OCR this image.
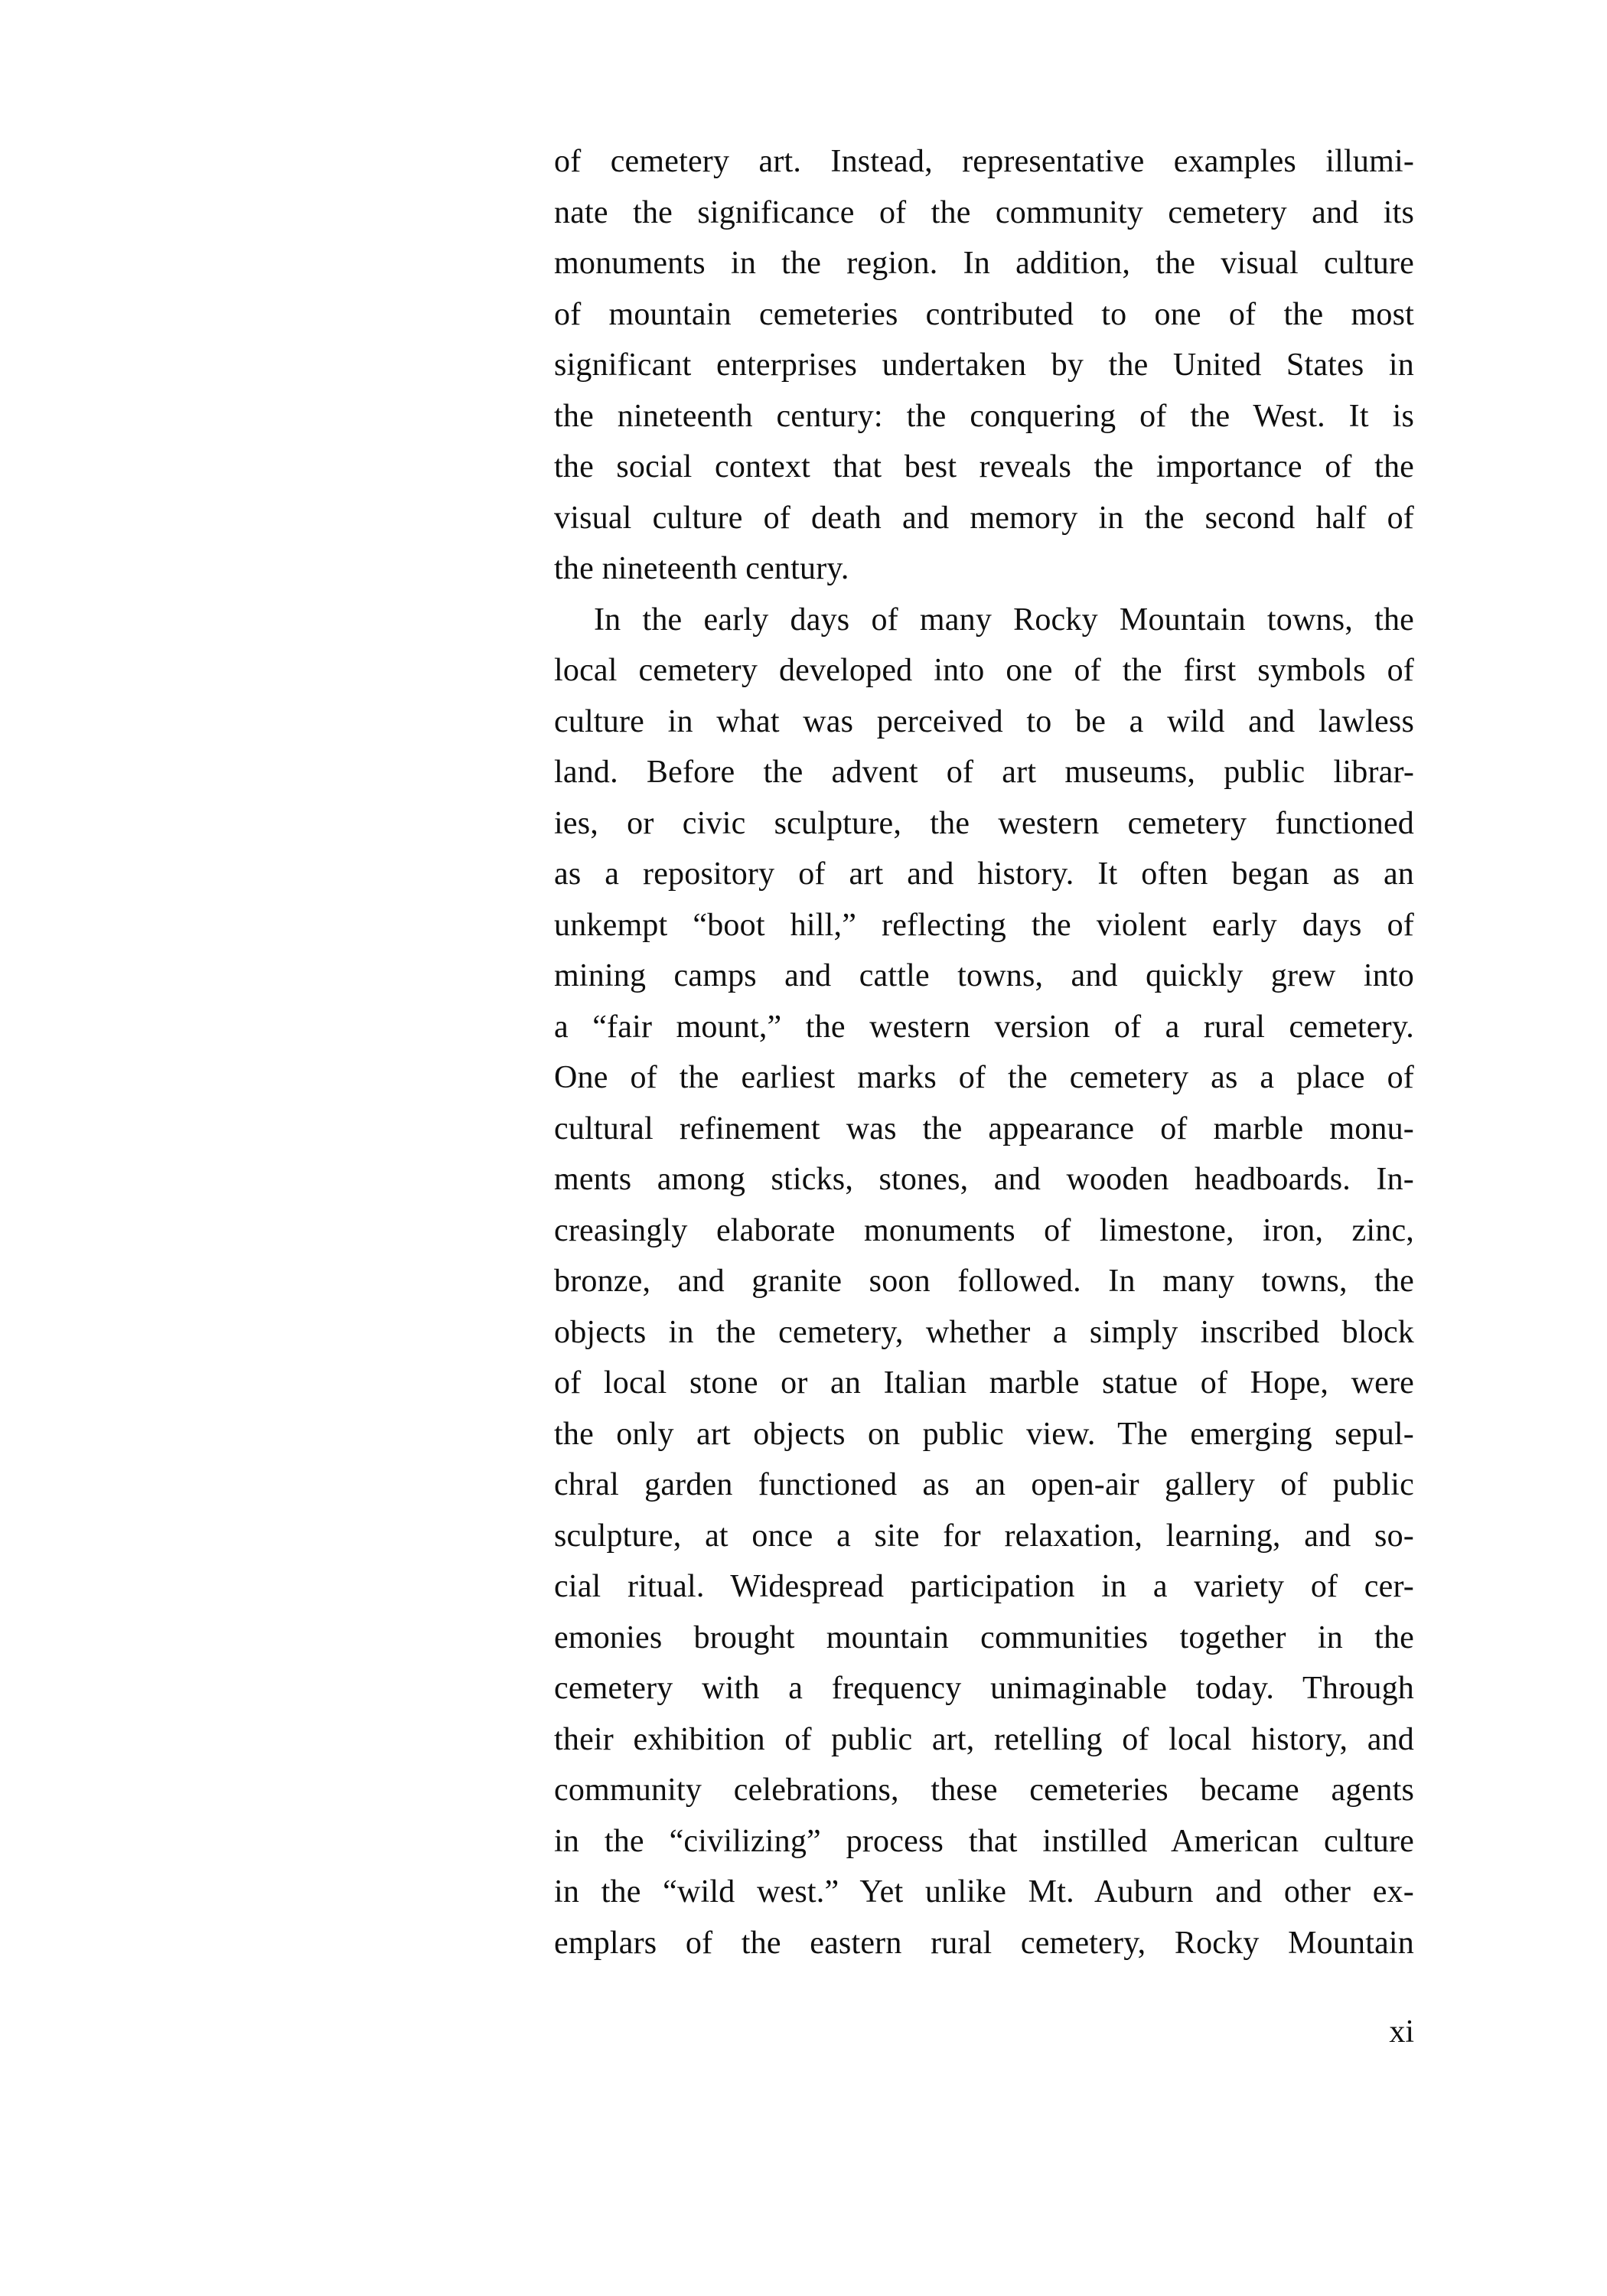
of cemetery art. Instead, representative examples illumi-
nate the significance of the community cemetery and its
monuments in the region. In addition, the visual culture
of mountain cemeteries contributed to one of the most
significant enterprises undertaken by the United States in
the nineteenth century: the conquering of the West. It is
the social context that best reveals the importance of the
visual culture of death and memory in the second half of
the nineteenth century.
In the early days of many Rocky Mountain towns, the
local cemetery developed into one of the first symbols of
culture in what was perceived to be a wild and lawless
land. Before the advent of art museums, public librar-
ies, or civic sculpture, the western cemetery functioned
as a repository of art and history. It often began as an
unkempt “boot hill,” reflecting the violent early days of
mining camps and cattle towns, and quickly grew into
a “fair mount,” the western version of a rural cemetery.
One of the earliest marks of the cemetery as a place of
cultural refinement was the appearance of marble monu-
ments among sticks, stones, and wooden headboards. In-
creasingly elaborate monuments of limestone, iron, zinc,
bronze, and granite soon followed. In many towns, the
objects in the cemetery, whether a simply inscribed block
of local stone or an Italian marble statue of Hope, were
the only art objects on public view. The emerging sepul-
chral garden functioned as an open-air gallery of public
sculpture, at once a site for relaxation, learning, and so-
cial ritual. Widespread participation in a variety of cer-
emonies brought mountain communities together in the
cemetery with a frequency unimaginable today. Through
their exhibition of public art, retelling of local history, and
community celebrations, these cemeteries became agents
in the “civilizing” process that instilled American culture
in the “wild west.” Yet unlike Mt. Auburn and other ex-
emplars of the eastern rural cemetery, Rocky Mountain
xi
